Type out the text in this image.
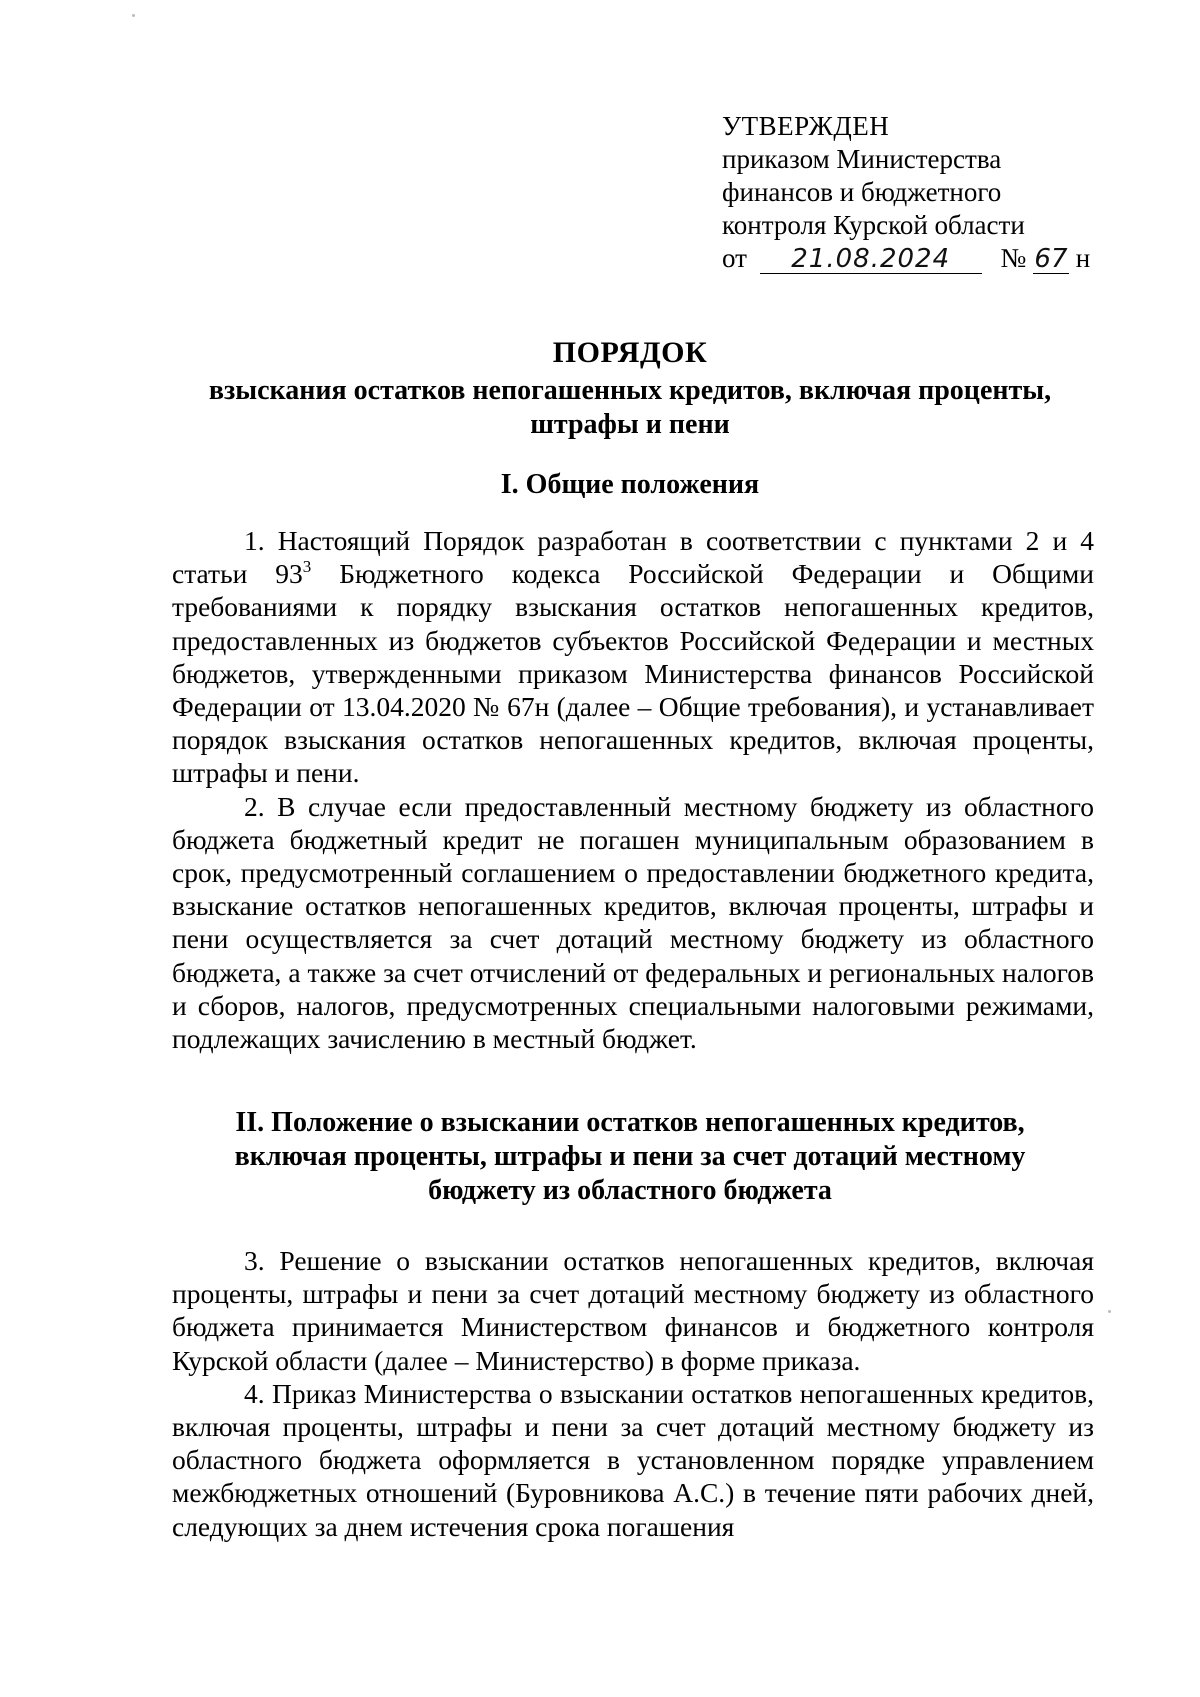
УТВЕРЖДЕН
приказом Министерства
финансов и бюджетного
контроля Курской области
от 21.08.2024 № 67 н
ПОРЯДОК
взыскания остатков непогашенных кредитов, включая проценты, штрафы и пени
I. Общие положения

1. Настоящий Порядок разработан в соответствии с пунктами 2 и 4 статьи $93^3$ Бюджетного кодекса Российской Федерации и Общими требованиями к порядку взыскания остатков непогашенных кредитов, предоставленных из бюджетов субъектов Российской Федерации и местных бюджетов, утвержденными приказом Министерства финансов Российской Федерации от 13.04.2020 № 67н (далее – Общие требования), и устанавливает порядок взыскания остатков непогашенных кредитов, включая проценты, штрафы и пени.

2. В случае если предоставленный местному бюджету из областного бюджета бюджетный кредит не погашен муниципальным образованием в срок, предусмотренный соглашением о предоставлении бюджетного кредита, взыскание остатков непогашенных кредитов, включая проценты, штрафы и пени осуществляется за счет дотаций местному бюджету из областного бюджета, а также за счет отчислений от федеральных и региональных налогов и сборов, налогов, предусмотренных специальными налоговыми режимами, подлежащих зачислению в местный бюджет.

II. Положение о взыскании остатков непогашенных кредитов,
включая проценты, штрафы и пени за счет дотаций местному
бюджету из областного бюджета

3. Решение о взыскании остатков непогашенных кредитов, включая проценты, штрафы и пени за счет дотаций местному бюджету из областного бюджета принимается Министерством финансов и бюджетного контроля Курской области (далее – Министерство) в форме приказа.

4. Приказ Министерства о взыскании остатков непогашенных кредитов, включая проценты, штрафы и пени за счет дотаций местному бюджету из областного бюджета оформляется в установленном порядке управлением межбюджетных отношений (Буровникова А.С.) в течение пяти рабочих дней, следующих за днем истечения срока погашения
